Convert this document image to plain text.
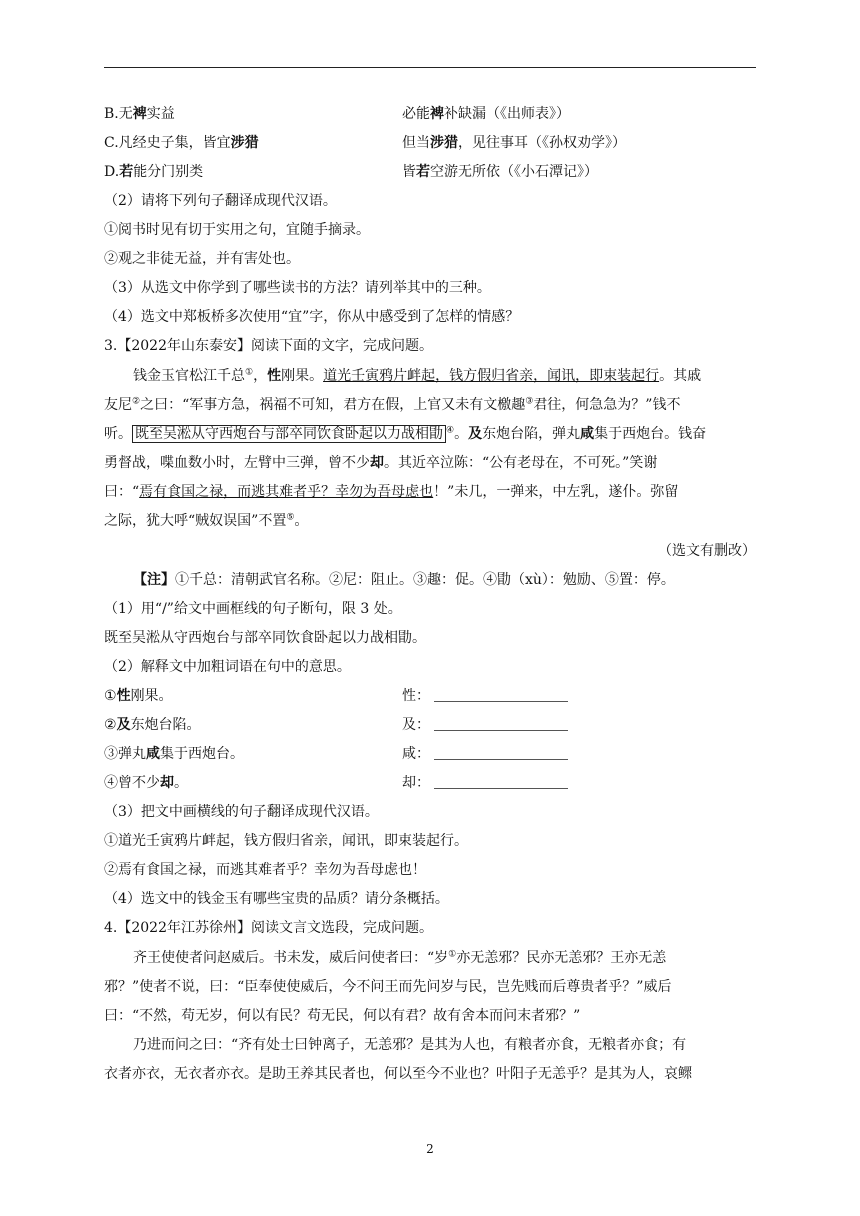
B.无裨实益	必能裨补缺漏（《出师表》）
C.凡经史子集，皆宜涉猎	但当涉猎，见往事耳（《孙权劝学》）
D.若能分门别类	皆若空游无所依（《小石潭记》）
（2）请将下列句子翻译成现代汉语。
①阅书时见有切于实用之句，宜随手摘录。
②观之非徒无益，并有害处也。
（3）从选文中你学到了哪些读书的方法？请列举其中的三种。
（4）选文中郑板桥多次使用“宜”字，你从中感受到了怎样的情感？
3.【2022年山东泰安】阅读下面的文字，完成问题。
钱金玉官松江千总①，性刚果。道光壬寅鸦片衅起，钱方假归省亲，闻讯，即束装起行。其戚
友尼②之曰：“军事方急，祸福不可知，君方在假，上官又未有文檄趣③君往，何急急为？”钱不
听。 既至吴淞从守西炮台与部卒同饮食卧起以力战相勖 ④。及东炮台陷，弹丸咸集于西炮台。钱奋
勇督战，喋血数小时，左臂中三弹，曾不少却。其近卒泣陈：“公有老母在，不可死。”笑谢
曰：“焉有食国之禄，而逃其难者乎？幸勿为吾母虑也！”未几，一弹来，中左乳，遂仆。弥留
之际，犹大呼“贼奴误国”不置⑤。
（选文有删改）
【注】①千总：清朝武官名称。②尼：阻止。③趣：促。④勖（xù）：勉励、⑤置：停。
（1）用“/”给文中画框线的句子断句，限 3 处。
既至吴淞从守西炮台与部卒同饮食卧起以力战相勖。
（2）解释文中加粗词语在句中的意思。
①性刚果。	性：
②及东炮台陷。	及：
③弹丸咸集于西炮台。	咸：
④曾不少却。	却：
（3）把文中画横线的句子翻译成现代汉语。
①道光壬寅鸦片衅起，钱方假归省亲，闻讯，即束装起行。
②焉有食国之禄，而逃其难者乎？幸勿为吾母虑也！
（4）选文中的钱金玉有哪些宝贵的品质？请分条概括。
4.【2022年江苏徐州】阅读文言文选段，完成问题。
齐王使使者问赵威后。书未发，威后问使者曰：“岁①亦无恙邪？民亦无恙邪？王亦无恙
邪？”使者不说，曰：“臣奉使使威后，今不问王而先问岁与民，岂先贱而后尊贵者乎？”威后
曰：“不然，苟无岁，何以有民？苟无民，何以有君？故有舍本而问末者邪？”
乃进而问之曰：“齐有处士曰钟离子，无恙邪？是其为人也，有粮者亦食，无粮者亦食；有
衣者亦衣，无衣者亦衣。是助王养其民者也，何以至今不业也？叶阳子无恙乎？是其为人，哀鳏
2
